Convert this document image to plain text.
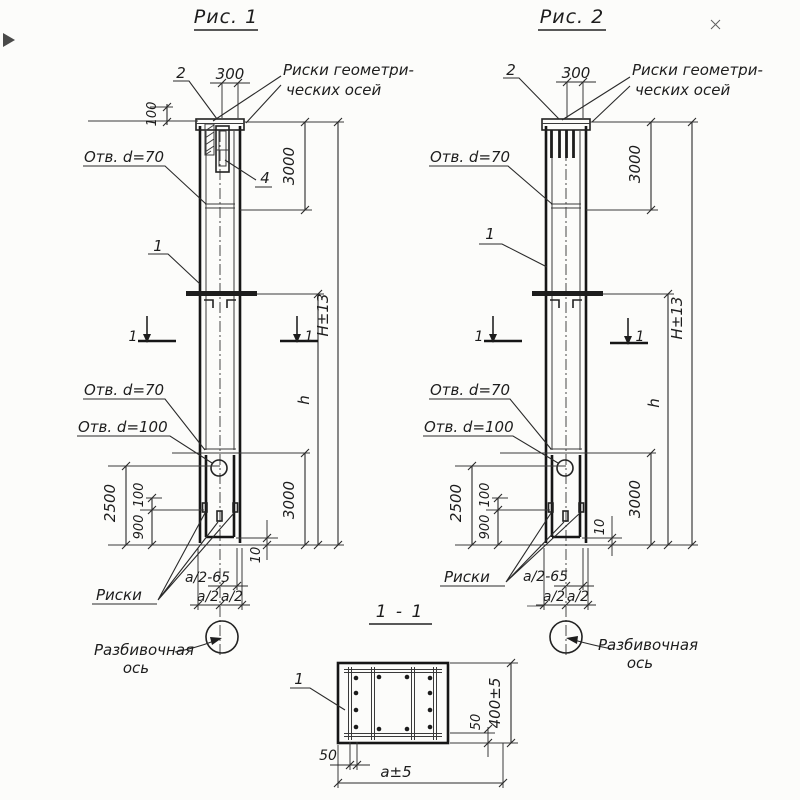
Рис. 1
2 300	Риски геометри-
ческих осей
100
Отв. d=70
4 3000
1
1	1
H±13
h
Отв. d=70
Отв. d=100
2500 100
900
3000
10
Риски
а/2-65
а/2 а/2
Разбивочная
ось
Рис. 2
2	300	Риски геометри-
ческих осей
Отв. d=70	3000
1
1	1 H±13
h
Отв. d=70
Отв. d=100
2500 100
900
3000
10
Риски а/2-65
а/2 а/2
Разбивочная
ось
1 - 1
1	400±5
50
50
а±5
